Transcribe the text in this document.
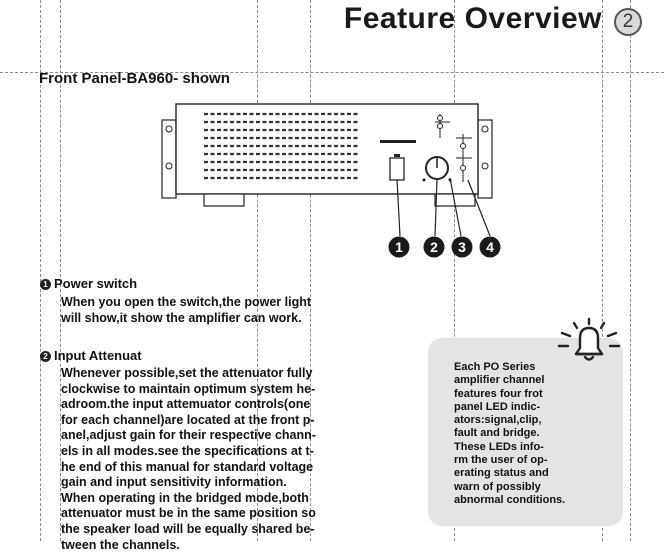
Feature Overview	2
Front Panel-BA960- shown
1 2 3 4
1 Power switch
When you open the switch,the power light
will show,it show the amplifier can work.
2 Input Attenuat
Whenever possible,set the attenuator fully
clockwise to maintain optimum system he-
adroom.the input attemuator controls(one
for each channel)are located at the front p-
anel,adjust gain for their respective chann-
els in all modes.see the specifications at t-
he end of this manual for standard voltage
gain and input sensitivity information.
When operating in the bridged mode,both
attenuator must be in the same position so
the speaker load will be equally shared be-
tween the channels.
Each PO Series
amplifier channel
features four frot
panel LED indic-
ators:signal,clip,
fault and bridge.
These LEDs info-
rm the user of op-
erating status and
warn of possibly
abnormal conditions.
